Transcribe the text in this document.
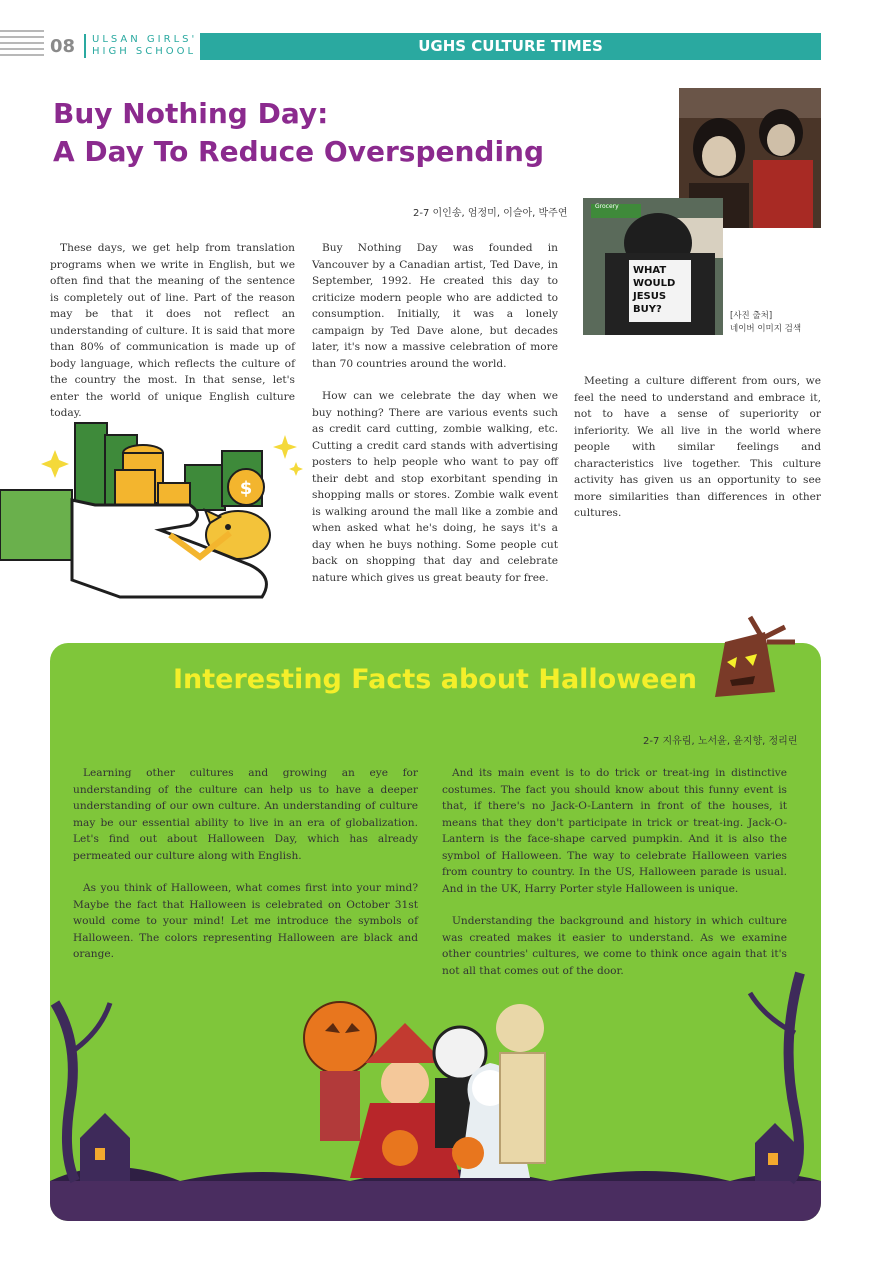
08 ULSAN GIRLS'
HIGH SCHOOL	UGHS CULTURE TIMES
Buy Nothing Day:
A Day To Reduce Overspending
2-7 이인송, 엄정미, 이슬아, 박주연

These days, we get help from translation programs when we write in English, but we often find that the meaning of the sentence is completely out of line. Part of the reason may be that it does not reflect an understanding of culture. It is said that more than 80% of communication is made up of body language, which reflects the culture of the country the most. In that sense, let's enter the world of unique English culture today.

Buy Nothing Day was founded in Vancouver by a Canadian artist, Ted Dave, in September, 1992. He created this day to criticize modern people who are addicted to consumption. Initially, it was a lonely campaign by Ted Dave alone, but decades later, it's now a massive celebration of more than 70 countries around the world.

How can we celebrate the day when we buy nothing? There are various events such as credit card cutting, zombie walking, etc. Cutting a credit card stands with advertising posters to help people who want to pay off their debt and stop exorbitant spending in shopping malls or stores. Zombie walk event is walking around the mall like a zombie and when asked what he's doing, he says it's a day when he buys nothing. Some people cut back on shopping that day and celebrate nature which gives us great beauty for free.

Meeting a culture different from ours, we feel the need to understand and embrace it, not to have a sense of superiority or inferiority. We all live in the world where people with similar feelings and characteristics live together. This culture activity has given us an opportunity to see more similarities than differences in other cultures.

Grocery
WHAT WOULD JESUS BUY?
[사진 출처]
네이버 이미지 검색
$
Interesting Facts about Halloween
2-7 지유림, 노서윤, 윤지향, 정리린

Learning other cultures and growing an eye for understanding of the culture can help us to have a deeper understanding of our own culture. An understanding of culture may be our essential ability to live in an era of globalization. Let's find out about Halloween Day, which has already permeated our culture along with English.

As you think of Halloween, what comes first into your mind? Maybe the fact that Halloween is celebrated on October 31st would come to your mind! Let me introduce the symbols of Halloween. The colors representing Halloween are black and orange.

And its main event is to do trick or treat-ing in distinctive costumes. The fact you should know about this funny event is that, if there's no Jack-O-Lantern in front of the houses, it means that they don't participate in trick or treat-ing. Jack-O-Lantern is the face-shape carved pumpkin. And it is also the symbol of Halloween. The way to celebrate Halloween varies from country to country. In the US, Halloween parade is usual. And in the UK, Harry Porter style Halloween is unique.

Understanding the background and history in which culture was created makes it easier to understand. As we examine other countries' cultures, we come to think once again that it's not all that comes out of the door.
